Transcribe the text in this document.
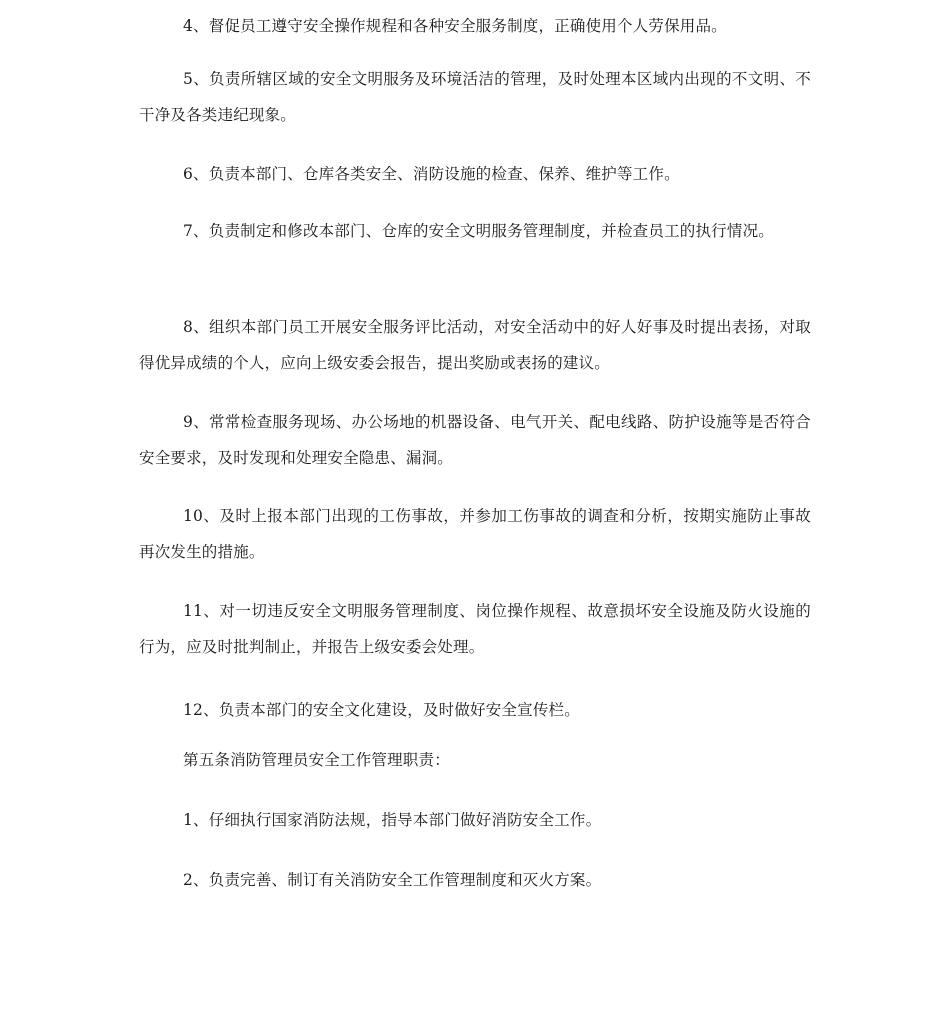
4、督促员工遵守安全操作规程和各种安全服务制度，正确使用个人劳保用品。

5、负责所辖区域的安全文明服务及环境活洁的管理，及时处理本区域内出现的不文明、不干净及各类违纪现象。

6、负责本部门、仓库各类安全、消防设施的检查、保养、维护等工作。

7、负责制定和修改本部门、仓库的安全文明服务管理制度，并检查员工的执行情况。

8、组织本部门员工开展安全服务评比活动，对安全活动中的好人好事及时提出表扬，对取得优异成绩的个人，应向上级安委会报告，提出奖励或表扬的建议。

9、常常检查服务现场、办公场地的机器设备、电气开关、配电线路、防护设施等是否符合安全要求，及时发现和处理安全隐患、漏洞。

10、及时上报本部门出现的工伤事故，并参加工伤事故的调查和分析，按期实施防止事故再次发生的措施。

11、对一切违反安全文明服务管理制度、岗位操作规程、故意损坏安全设施及防火设施的行为，应及时批判制止，并报告上级安委会处理。

12、负责本部门的安全文化建设，及时做好安全宣传栏。

第五条消防管理员安全工作管理职责：

1、仔细执行国家消防法规，指导本部门做好消防安全工作。

2、负责完善、制订有关消防安全工作管理制度和灭火方案。
